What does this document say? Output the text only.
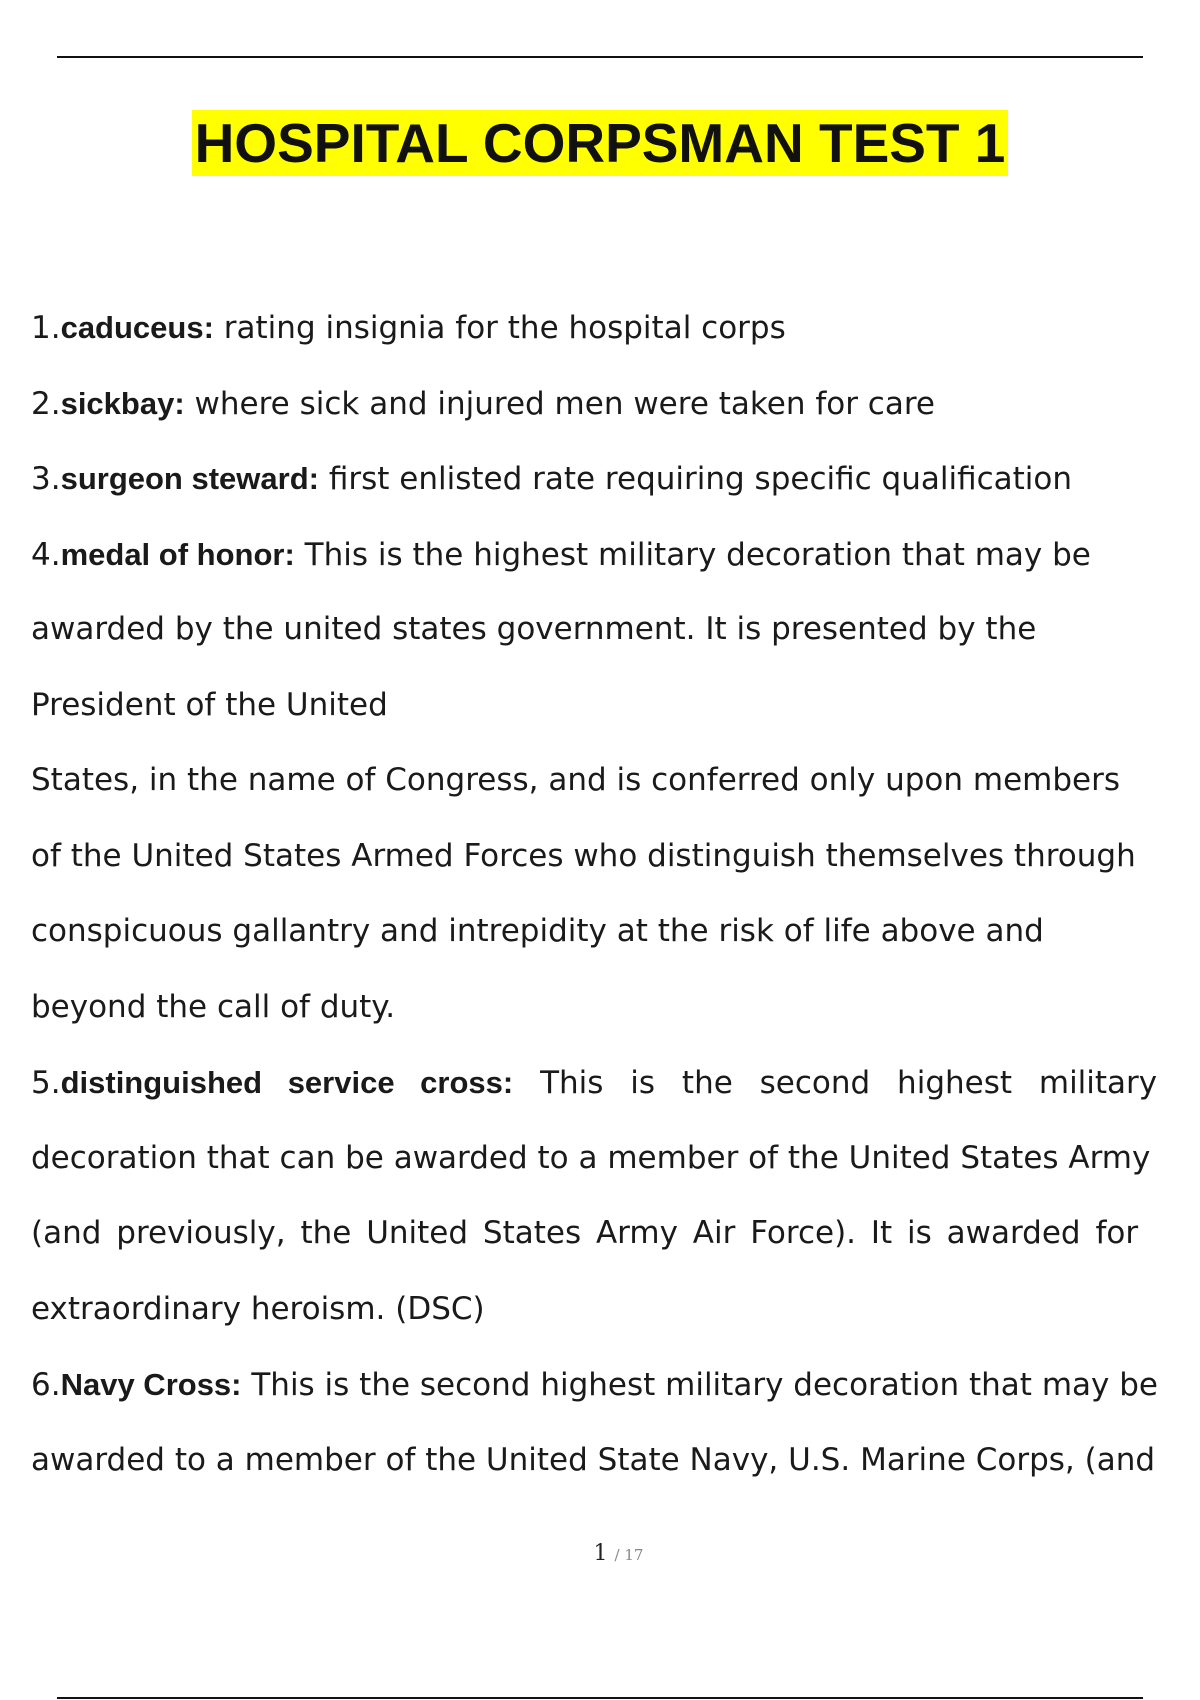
HOSPITAL CORPSMAN TEST 1
1.caduceus: rating insignia for the hospital corps
2.sickbay: where sick and injured men were taken for care
3.surgeon steward: first enlisted rate requiring specific qualification
4.medal of honor: This is the highest military decoration that may be
awarded by the united states government. It is presented by the
President of the United
States, in the name of Congress, and is conferred only upon members
of the United States Armed Forces who distinguish themselves through
conspicuous gallantry and intrepidity at the risk of life above and
beyond the call of duty.
5.distinguished service cross: This is the second highest military
decoration that can be awarded to a member of the United States Army
(and previously, the United States Army Air Force). It is awarded for
extraordinary heroism. (DSC)
6.Navy Cross: This is the second highest military decoration that may be
awarded to a member of the United State Navy, U.S. Marine Corps, (and
1 / 17
